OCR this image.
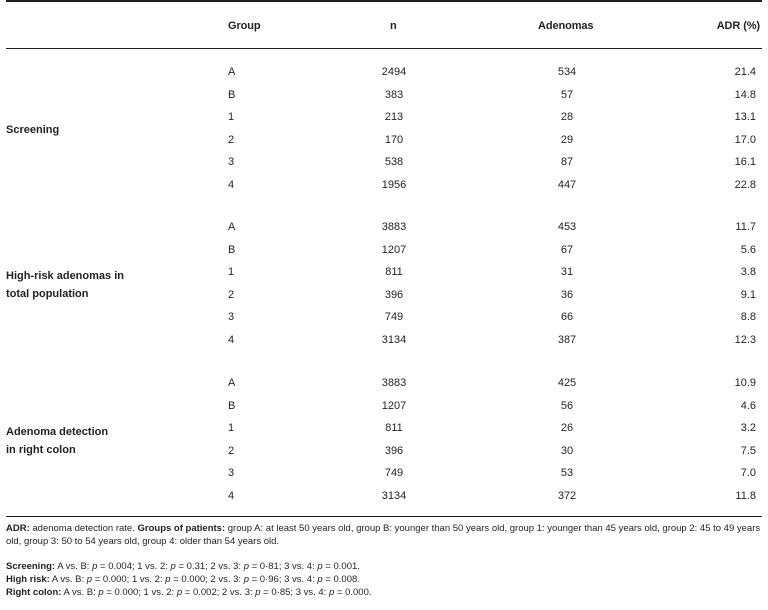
Group	n	Adenomas	ADR (%)
Screening
A	2494	534	21.4
B	383	57	14.8
1	213	28	13.1
2	170	29	17.0
3	538	87	16.1
4	1956	447	22.8
High-risk adenomas in
total population
A	3883	453	11.7
B	1207	67	5.6
1	811	31	3.8
2	396	36	9.1
3	749	66	8.8
4	3134	387	12.3
Adenoma detection
in right colon
A	3883	425	10.9
B	1207	56	4.6
1	811	26	3.2
2	396	30	7.5
3	749	53	7.0
4	3134	372	11.8
ADR: adenoma detection rate. Groups of patients: group A: at least 50 years old, group B: younger than 50 years old, group 1: younger than 45 years old, group 2: 45 to 49 years old, group 3: 50 to 54 years old, group 4: older than 54 years old.
Screening: A vs. B: p = 0.004; 1 vs. 2: p = 0.31; 2 vs. 3: p = 0·81; 3 vs. 4: p = 0.001.
High risk: A vs. B: p = 0.000; 1 vs. 2: p = 0.000; 2 vs. 3: p = 0·96; 3 vs. 4: p = 0.008.
Right colon: A vs. B: p = 0.000; 1 vs. 2: p = 0.002; 2 vs. 3: p = 0·85; 3 vs. 4: p = 0.000.
